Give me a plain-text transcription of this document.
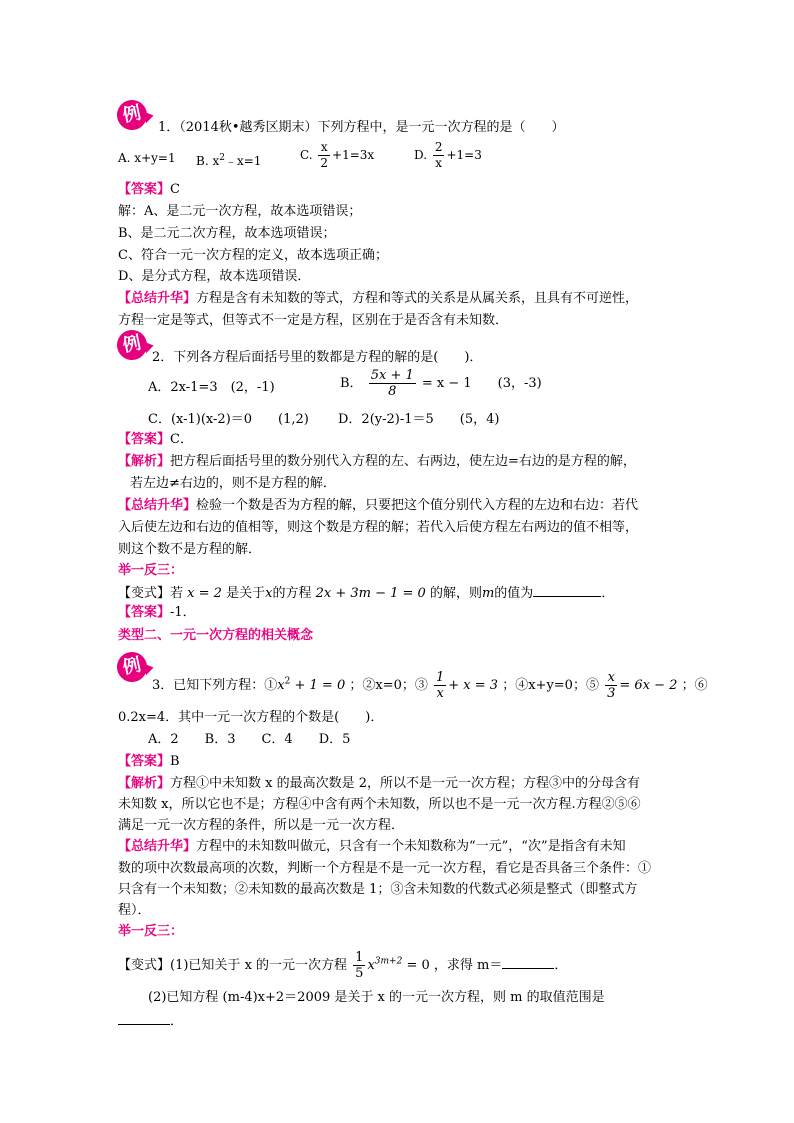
例
1．（2014秋•越秀区期末）下列方程中，是一元一次方程的是（　　）
A. x+y=1 B. $x^2﹣x=1$	C. $\frac{x}{2} +1=3x$	D. $\frac{2}{x} +1=3$
【答案】C
解：A、是二元一次方程，故本选项错误；
B、是二元二次方程，故本选项错误；
C、符合一元一次方程的定义，故本选项正确；
D、是分式方程，故本选项错误．
【总结升华】方程是含有未知数的等式，方程和等式的关系是从属关系，且具有不可逆性，
方程一定是等式，但等式不一定是方程，区别在于是否含有未知数．
例
2．下列各方程后面括号里的数都是方程的解的是(　　)．
A．2x-1=3　(2，-1)	B． $\frac{5x + 1}{8} = x - 1$　　(3，-3)
C．(x-1)(x-2)＝0　　(1,2) D．2(y-2)-1＝5　　(5，4)
【答案】C．
【解析】把方程后面括号里的数分别代入方程的左、右两边，使左边=右边的是方程的解，
若左边≠右边的，则不是方程的解．
【总结升华】检验一个数是否为方程的解，只要把这个值分别代入方程的左边和右边：若代
入后使左边和右边的值相等，则这个数是方程的解；若代入后使方程左右两边的值不相等，
则这个数不是方程的解．
举一反三：
【变式】若 x = 2 是关于x的方程 2x + 3m − 1 = 0 的解，则m的值为	．
【答案】-1．
类型二、一元一次方程的相关概念
例
3．已知下列方程：$①x^2 + 1 = 0$ ；②x=0；③ $\frac{1}{x} + x = 3$ ；④x+y=0；⑤ $\frac{x}{3} = 6x - 2$ ；⑥
0.2x=4．其中一元一次方程的个数是(　　)．
A．2　　B．3　　C．4　　D．5
【答案】B
【解析】方程①中未知数 x 的最高次数是 2，所以不是一元一次方程；方程③中的分母含有
未知数 x，所以它也不是；方程④中含有两个未知数，所以也不是一元一次方程.方程②⑤⑥
满足一元一次方程的条件，所以是一元一次方程．
【总结升华】方程中的未知数叫做元，只含有一个未知数称为“一元”，“次”是指含有未知
数的项中次数最高项的次数，判断一个方程是不是一元一次方程，看它是否具备三个条件：①
只含有一个未知数；②未知数的最高次数是 1；③含未知数的代数式必须是整式（即整式方
程）．
举一反三：
【变式】(1)已知关于 x 的一元一次方程 $\frac{1}{5} x^{3m+2} = 0$ ，求得 m＝	．
(2)已知方程 (m-4)x+2＝2009 是关于 x 的一元一次方程，则 m 的取值范围是
．
